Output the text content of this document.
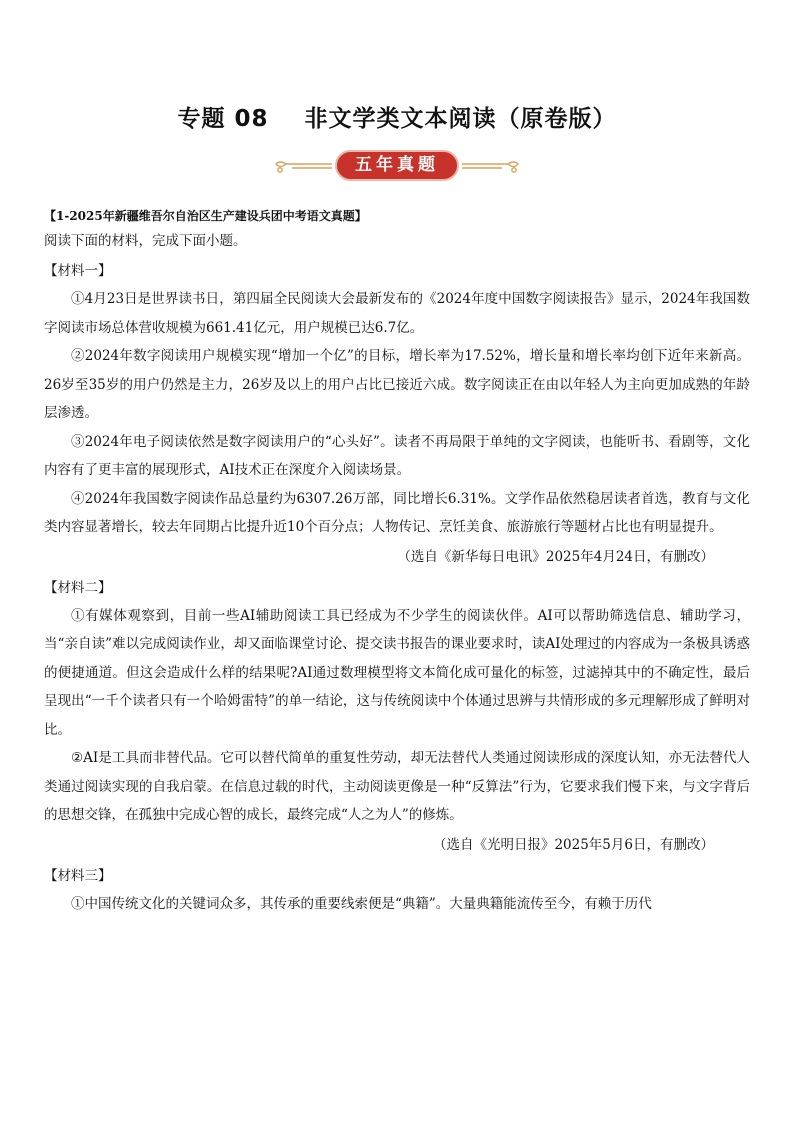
专题 08 非文学类文本阅读（原卷版）
五年真题

【1-2025年新疆维吾尔自治区生产建设兵团中考语文真题】

阅读下面的材料，完成下面小题。

【材料一】

①4月23日是世界读书日，第四届全民阅读大会最新发布的《2024年度中国数字阅读报告》显示，2024年我国数字阅读市场总体营收规模为661.41亿元，用户规模已达6.7亿。

②2024年数字阅读用户规模实现“增加一个亿”的目标，增长率为17.52%，增长量和增长率均创下近年来新高。26岁至35岁的用户仍然是主力，26岁及以上的用户占比已接近六成。数字阅读正在由以年轻人为主向更加成熟的年龄层渗透。

③2024年电子阅读依然是数字阅读用户的“心头好”。读者不再局限于单纯的文字阅读，也能听书、看剧等，文化内容有了更丰富的展现形式，AI技术正在深度介入阅读场景。

④2024年我国数字阅读作品总量约为6307.26万部，同比增长6.31%。文学作品依然稳居读者首选，教育与文化类内容显著增长，较去年同期占比提升近10个百分点；人物传记、烹饪美食、旅游旅行等题材占比也有明显提升。

（选自《新华每日电讯》2025年4月24日，有删改）

【材料二】

①有媒体观察到，目前一些AI辅助阅读工具已经成为不少学生的阅读伙伴。AI可以帮助筛选信息、辅助学习，当“亲自读”难以完成阅读作业，却又面临课堂讨论、提交读书报告的课业要求时，读AI处理过的内容成为一条极具诱惑的便捷通道。但这会造成什么样的结果呢?AI通过数理模型将文本简化成可量化的标签，过滤掉其中的不确定性，最后呈现出“一千个读者只有一个哈姆雷特”的单一结论，这与传统阅读中个体通过思辨与共情形成的多元理解形成了鲜明对比。

②AI是工具而非替代品。它可以替代简单的重复性劳动，却无法替代人类通过阅读形成的深度认知，亦无法替代人类通过阅读实现的自我启蒙。在信息过载的时代，主动阅读更像是一种“反算法”行为，它要求我们慢下来，与文字背后的思想交锋，在孤独中完成心智的成长，最终完成“人之为人”的修炼。

（选自《光明日报》2025年5月6日，有删改）

【材料三】

①中国传统文化的关键词众多，其传承的重要线索便是“典籍”。大量典籍能流传至今，有赖于历代
